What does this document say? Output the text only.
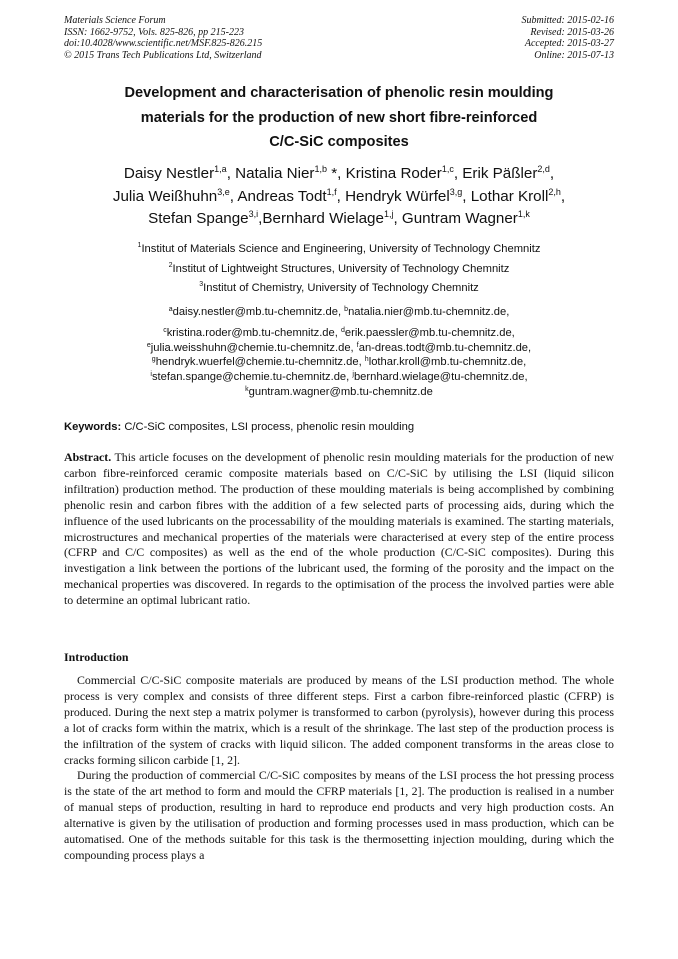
Materials Science Forum
ISSN: 1662-9752, Vols. 825-826, pp 215-223
doi:10.4028/www.scientific.net/MSF.825-826.215
© 2015 Trans Tech Publications Ltd, Switzerland
Submitted: 2015-02-16
Revised: 2015-03-26
Accepted: 2015-03-27
Online: 2015-07-13
Development and characterisation of phenolic resin moulding
materials for the production of new short fibre-reinforced
C/C-SiC composites
Daisy Nestler$^{1,a}$, Natalia Nier$^{1,b}$ *, Kristina Roder$^{1,c}$, Erik Päßler$^{2,d}$,
Julia Weißhuhn$^{3,e}$, Andreas Todt$^{1,f}$, Hendryk Würfel$^{3,g}$, Lothar Kroll$^{2,h}$,
Stefan Spange$^{3,i}$,Bernhard Wielage$^{1,j}$, Guntram Wagner$^{1,k}$
$^1$Institut of Materials Science and Engineering, University of Technology Chemnitz
$^2$Institut of Lightweight Structures, University of Technology Chemnitz
$^3$Institut of Chemistry, University of Technology Chemnitz
$^a$daisy.nestler@mb.tu-chemnitz.de, $^b$natalia.nier@mb.tu-chemnitz.de,
$^c$kristina.roder@mb.tu-chemnitz.de, $^d$erik.paessler@mb.tu-chemnitz.de,
$^e$julia.weisshuhn@chemie.tu-chemnitz.de, $^f$an-dreas.todt@mb.tu-chemnitz.de,
$^g$hendryk.wuerfel@chemie.tu-chemnitz.de, $^h$lothar.kroll@mb.tu-chemnitz.de,
$^i$stefan.spange@chemie.tu-chemnitz.de, $^j$bernhard.wielage@tu-chemnitz.de,
$^k$guntram.wagner@mb.tu-chemnitz.de
Keywords: C/C-SiC composites, LSI process, phenolic resin moulding
Abstract. This article focuses on the development of phenolic resin moulding materials for the production of new carbon fibre-reinforced ceramic composite materials based on C/C-SiC by utilising the LSI (liquid silicon infiltration) production method. The production of these moulding materials is being accomplished by combining phenolic resin and carbon fibres with the addition of a few selected parts of processing aids, during which the influence of the used lubricants on the processability of the moulding materials is examined. The starting materials, microstructures and mechanical properties of the materials were characterised at every step of the entire process (CFRP and C/C composites) as well as the end of the whole production (C/C-SiC composites). During this investigation a link between the portions of the lubricant used, the forming of the porosity and the impact on the mechanical properties was discovered. In regards to the optimisation of the process the involved parties were able to determine an optimal lubricant ratio.
Introduction

Commercial C/C-SiC composite materials are produced by means of the LSI production method. The whole process is very complex and consists of three different steps. First a carbon fibre-reinforced plastic (CFRP) is produced. During the next step a matrix polymer is transformed to carbon (pyrolysis), however during this process a lot of cracks form within the matrix, which is a result of the shrinkage. The last step of the production process is the infiltration of the system of cracks with liquid silicon. The added component transforms in the areas close to cracks forming silicon carbide [1, 2].

During the production of commercial C/C-SiC composites by means of the LSI process the hot pressing process is the state of the art method to form and mould the CFRP materials [1, 2]. The production is realised in a number of manual steps of production, resulting in hard to reproduce end products and very high production costs. An alternative is given by the utilisation of production and forming processes used in mass production, which can be automatised. One of the methods suitable for this task is the thermosetting injection moulding, during which the compounding process plays a
